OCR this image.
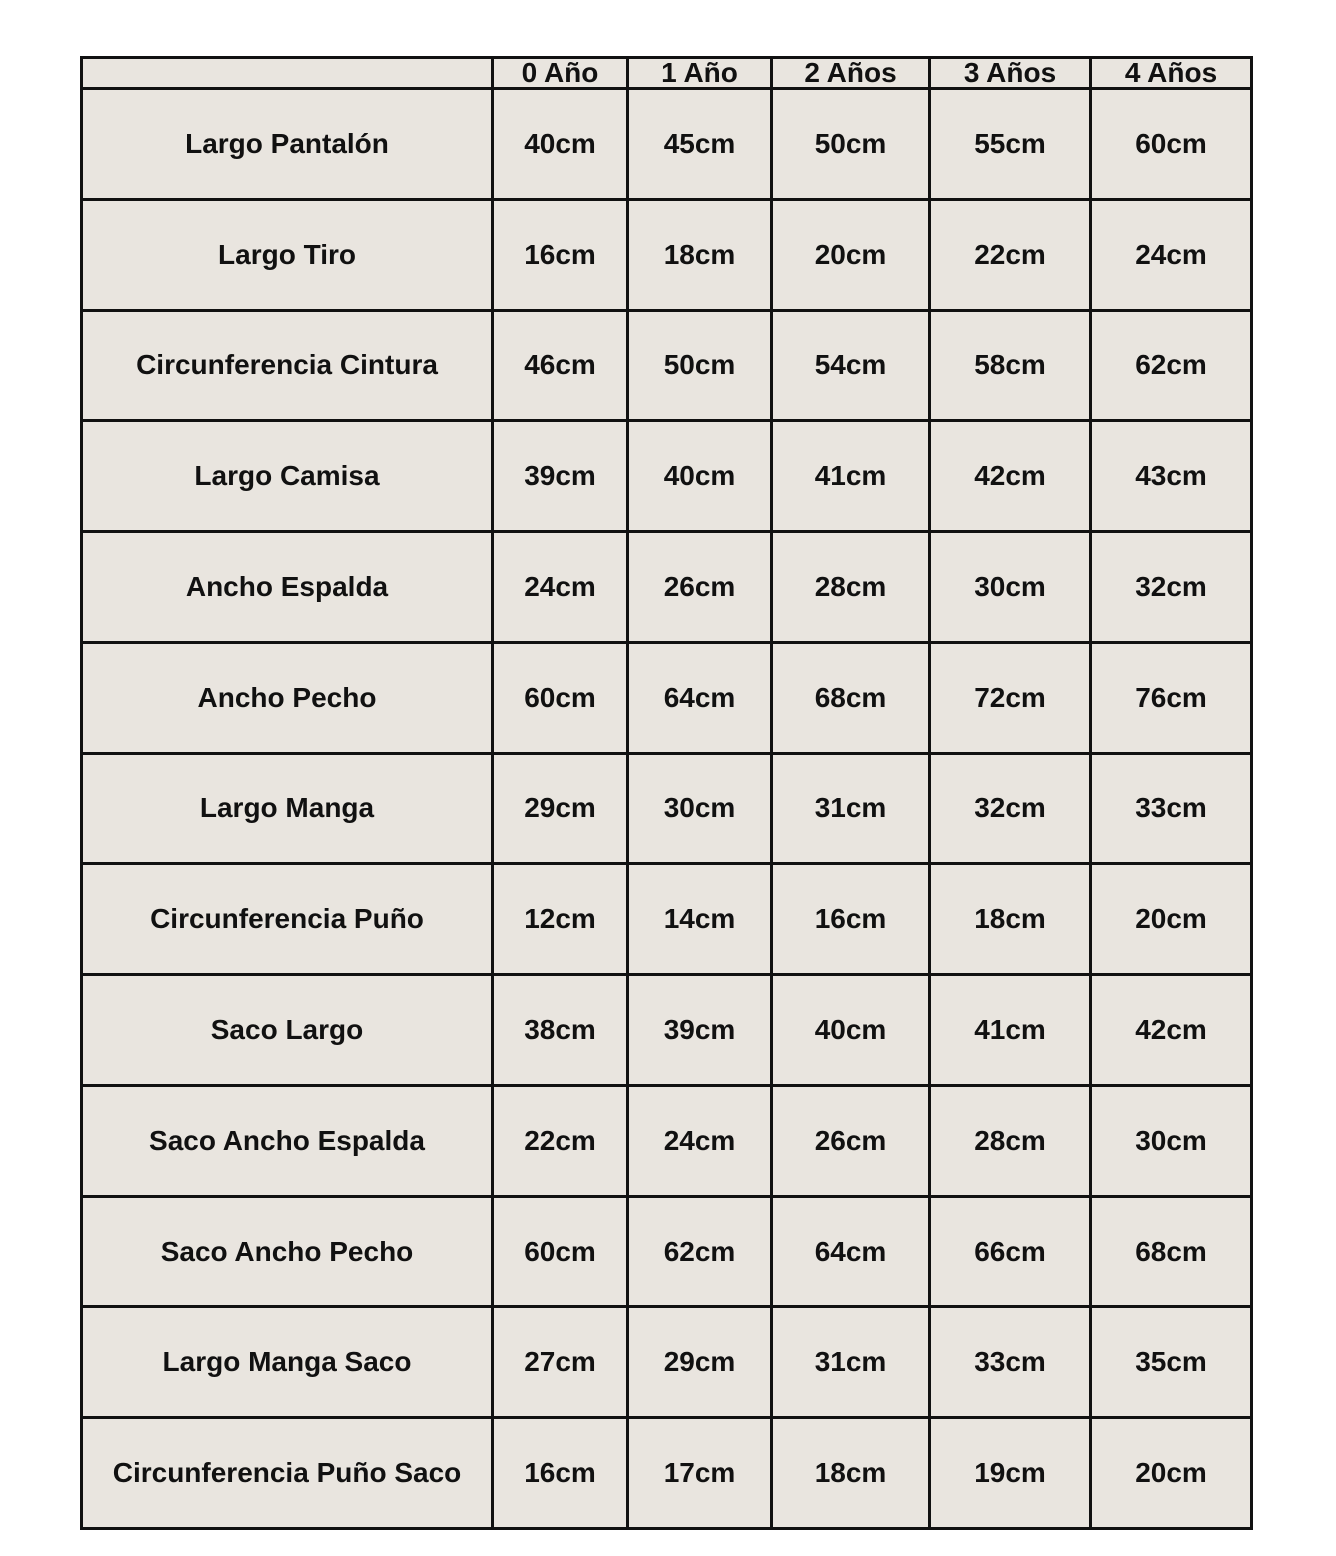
	0 Año	1 Año	2 Años	3 Años	4 Años
Largo Pantalón	40cm	45cm	50cm	55cm	60cm
Largo Tiro	16cm	18cm	20cm	22cm	24cm
Circunferencia Cintura	46cm	50cm	54cm	58cm	62cm
Largo Camisa	39cm	40cm	41cm	42cm	43cm
Ancho Espalda	24cm	26cm	28cm	30cm	32cm
Ancho Pecho	60cm	64cm	68cm	72cm	76cm
Largo Manga	29cm	30cm	31cm	32cm	33cm
Circunferencia Puño	12cm	14cm	16cm	18cm	20cm
Saco Largo	38cm	39cm	40cm	41cm	42cm
Saco Ancho Espalda	22cm	24cm	26cm	28cm	30cm
Saco Ancho Pecho	60cm	62cm	64cm	66cm	68cm
Largo Manga Saco	27cm	29cm	31cm	33cm	35cm
Circunferencia Puño Saco	16cm	17cm	18cm	19cm	20cm
